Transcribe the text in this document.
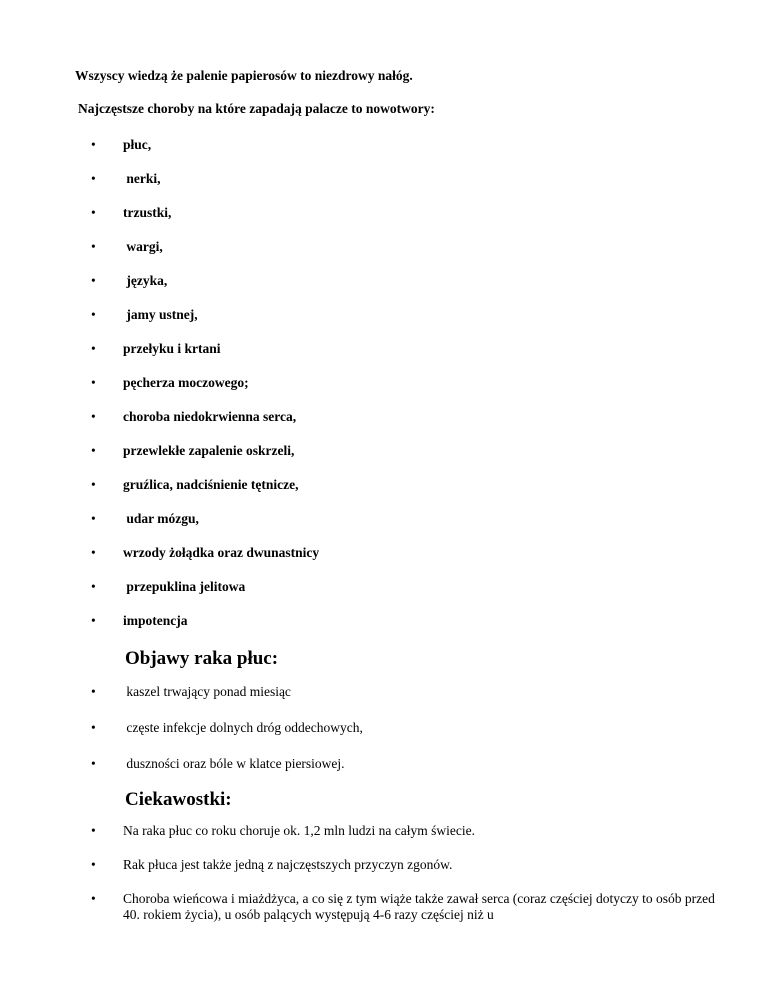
Wszyscy wiedzą że palenie papierosów to niezdrowy nałóg.
Najczęstsze choroby na które zapadają palacze to nowotwory:
• płuc,
• nerki,
• trzustki,
• wargi,
• języka,
• jamy ustnej,
• przełyku i krtani
• pęcherza moczowego;
• choroba niedokrwienna serca,
• przewlekłe zapalenie oskrzeli,
• gruźlica, nadciśnienie tętnicze,
• udar mózgu,
• wrzody żołądka oraz dwunastnicy
• przepuklina jelitowa
• impotencja
Objawy raka płuc:
• kaszel trwający ponad miesiąc
• częste infekcje dolnych dróg oddechowych,
• duszności oraz bóle w klatce piersiowej.
Ciekawostki:
• Na raka płuc co roku choruje ok. 1,2 mln ludzi na całym świecie.
• Rak płuca jest także jedną z najczęstszych przyczyn zgonów.
• Choroba wieńcowa i miażdżyca, a co się z tym wiąże także zawał serca (coraz częściej dotyczy to osób przed 40. rokiem życia), u osób palących występują 4-6 razy częściej niż u
